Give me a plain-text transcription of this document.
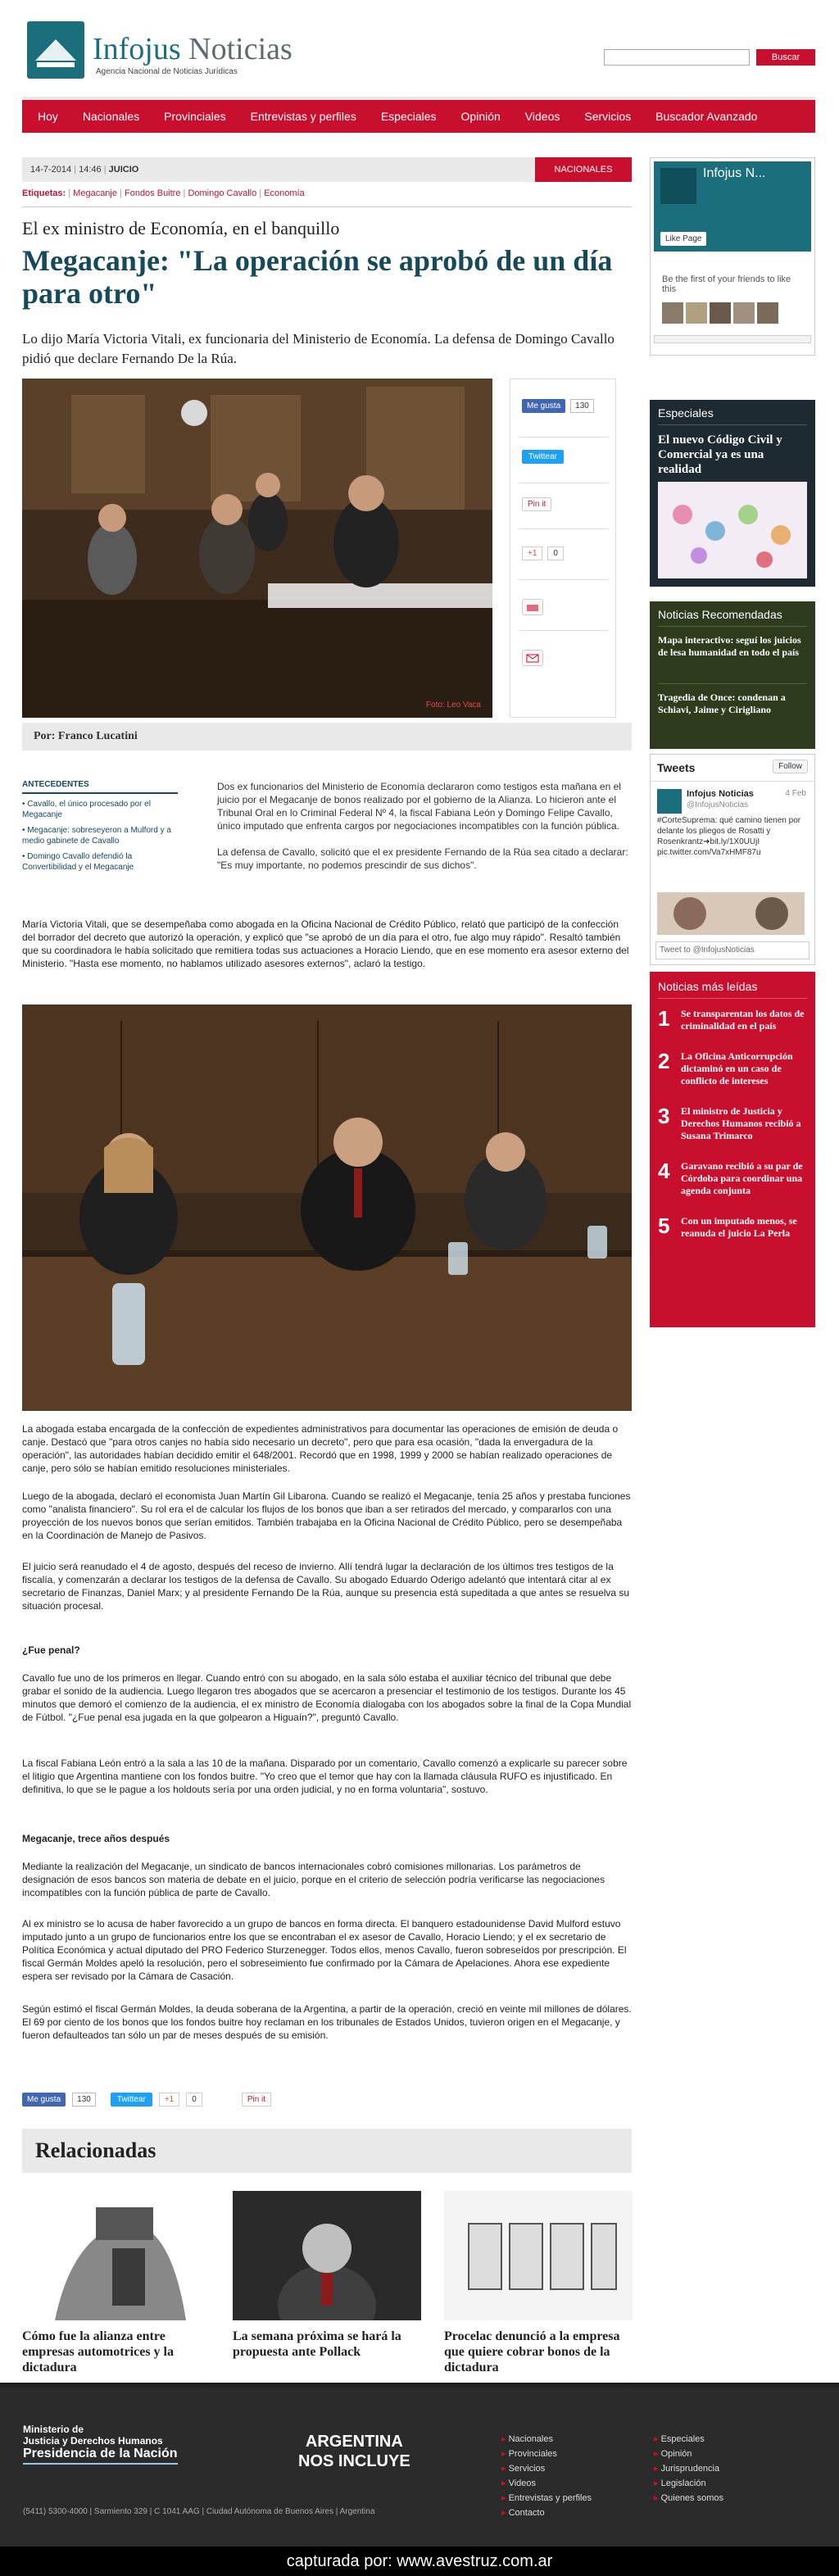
Infojus Noticias
Agencia Nacional de Noticias Jurídicas
Buscar
Hoy	Nacionales	Provinciales	Entrevistas y perfiles	Especiales	Opinión	Videos	Servicios	Buscador Avanzado
14-7-2014 | 14:46 | JUICIO	NACIONALES
Etiquetas: | Megacanje | Fondos Buitre | Domingo Cavallo | Economía
El ex ministro de Economía, en el banquillo
Megacanje: "La operación se aprobó de un día para otro"
Lo dijo María Victoria Vitali, ex funcionaria del Ministerio de Economía. La defensa de Domingo Cavallo pidió que declare Fernando De la Rúa.
Foto: Leo Vaca
Me gusta	130
Twittear
Pin it
+1	0
Por: Franco Lucatini
ANTECEDENTES
• Cavallo, el único procesado por el Megacanje
• Megacanje: sobreseyeron a Mulford y a medio gabinete de Cavallo
• Domingo Cavallo defendió la Convertibilidad y el Megacanje

Dos ex funcionarios del Ministerio de Economía declararon como testigos esta mañana en el juicio por el Megacanje de bonos realizado por el gobierno de la Alianza. Lo hicieron ante el Tribunal Oral en lo Criminal Federal Nº 4, la fiscal Fabiana León y Domingo Felipe Cavallo, único imputado que enfrenta cargos por negociaciones incompatibles con la función pública.

La defensa de Cavallo, solicitó que el ex presidente Fernando de la Rúa sea citado a declarar: "Es muy importante, no podemos prescindir de sus dichos".

María Victoria Vitali, que se desempeñaba como abogada en la Oficina Nacional de Crédito Público, relató que participó de la confección del borrador del decreto que autorizó la operación, y explicó que "se aprobó de un día para el otro, fue algo muy rápido". Resaltó también que su coordinadora le había solicitado que remitiera todas sus actuaciones a Horacio Liendo, que en ese momento era asesor externo del Ministerio. "Hasta ese momento, no hablamos utilizado asesores externos", aclaró la testigo.
La abogada estaba encargada de la confección de expedientes administrativos para documentar las operaciones de emisión de deuda o canje. Destacó que "para otros canjes no había sido necesario un decreto", pero que para esa ocasión, "dada la envergadura de la operación", las autoridades habían decidido emitir el 648/2001. Recordó que en 1998, 1999 y 2000 se habían realizado operaciones de canje, pero sólo se habían emitido resoluciones ministeriales.
Luego de la abogada, declaró el economista Juan Martín Gil Libarona. Cuando se realizó el Megacanje, tenía 25 años y prestaba funciones como "analista financiero". Su rol era el de calcular los flujos de los bonos que iban a ser retirados del mercado, y compararlos con una proyección de los nuevos bonos que serían emitidos. También trabajaba en la Oficina Nacional de Crédito Público, pero se desempeñaba en la Coordinación de Manejo de Pasivos.
El juicio será reanudado el 4 de agosto, después del receso de invierno. Allí tendrá lugar la declaración de los últimos tres testigos de la fiscalía, y comenzarán a declarar los testigos de la defensa de Cavallo. Su abogado Eduardo Oderigo adelantó que intentará citar al ex secretario de Finanzas, Daniel Marx; y al presidente Fernando De la Rúa, aunque su presencia está supeditada a que antes se resuelva su situación procesal.
¿Fue penal?
Cavallo fue uno de los primeros en llegar. Cuando entró con su abogado, en la sala sólo estaba el auxiliar técnico del tribunal que debe grabar el sonido de la audiencia. Luego llegaron tres abogados que se acercaron a presenciar el testimonio de los testigos. Durante los 45 minutos que demoró el comienzo de la audiencia, el ex ministro de Economía dialogaba con los abogados sobre la final de la Copa Mundial de Fútbol. "¿Fue penal esa jugada en la que golpearon a Higuaín?", preguntó Cavallo.
La fiscal Fabiana León entró a la sala a las 10 de la mañana. Disparado por un comentario, Cavallo comenzó a explicarle su parecer sobre el litigio que Argentina mantiene con los fondos buitre. "Yo creo que el temor que hay con la llamada cláusula RUFO es injustificado. En definitiva, lo que se le pague a los holdouts sería por una orden judicial, y no en forma voluntaria", sostuvo.
Megacanje, trece años después
Mediante la realización del Megacanje, un sindicato de bancos internacionales cobró comisiones millonarias. Los parámetros de designación de esos bancos son materia de debate en el juicio, porque en el criterio de selección podría verificarse las negociaciones incompatibles con la función pública de parte de Cavallo.
Al ex ministro se lo acusa de haber favorecido a un grupo de bancos en forma directa. El banquero estadounidense David Mulford estuvo imputado junto a un grupo de funcionarios entre los que se encontraban el ex asesor de Cavallo, Horacio Liendo; y el ex secretario de Política Económica y actual diputado del PRO Federico Sturzenegger. Todos ellos, menos Cavallo, fueron sobreseídos por prescripción. El fiscal Germán Moldes apeló la resolución, pero el sobreseimiento fue confirmado por la Cámara de Apelaciones. Ahora ese expediente espera ser revisado por la Cámara de Casación.
Según estimó el fiscal Germán Moldes, la deuda soberana de la Argentina, a partir de la operación, creció en veinte mil millones de dólares. El 69 por ciento de los bonos que los fondos buitre hoy reclaman en los tribunales de Estados Unidos, tuvieron origen en el Megacanje, y fueron defaulteados tan sólo un par de meses después de su emisión.
Me gusta	130	Twittear	+1	0	Pin it
Relacionadas
Cómo fue la alianza entre empresas automotrices y la dictadura
La semana próxima se hará la propuesta ante Pollack
Procelac denunció a la empresa que quiere cobrar bonos de la dictadura
Infojus N...
Like Page
Be the first of your friends to like this
Especiales
El nuevo Código Civil y Comercial ya es una realidad
Noticias Recomendadas
Mapa interactivo: seguí los juicios de lesa humanidad en todo el país
Tragedia de Once: condenan a Schiavi, Jaime y Cirigliano
Tweets	Follow
Infojus Noticias	4 Feb
@InfojusNoticias
#CorteSuprema: qué camino tienen por delante los pliegos de Rosatti y Rosenkrantz➜bit.ly/1X0UUjI pic.twitter.com/Va7xHMF87u
Tweet to @InfojusNoticias
Noticias más leídas
1 Se transparentan los datos de criminalidad en el país
2 La Oficina Anticorrupción dictaminó en un caso de conflicto de intereses
3 El ministro de Justicia y Derechos Humanos recibió a Susana Trimarco
4 Garavano recibió a su par de Córdoba para coordinar una agenda conjunta
5 Con un imputado menos, se reanuda el juicio La Perla
Ministerio de
Justicia y Derechos Humanos
Presidencia de la Nación
ARGENTINA
NOS INCLUYE
(5411) 5300-4000 | Sarmiento 329 | C 1041 AAG | Ciudad Autónoma de Buenos Aires | Argentina
▸ Nacionales
▸ Provinciales
▸ Servicios
▸ Videos
▸ Entrevistas y perfiles
▸ Contacto
▸ Especiales
▸ Opinión
▸ Jurisprudencia
▸ Legislación
▸ Quienes somos
capturada por: www.avestruz.com.ar
